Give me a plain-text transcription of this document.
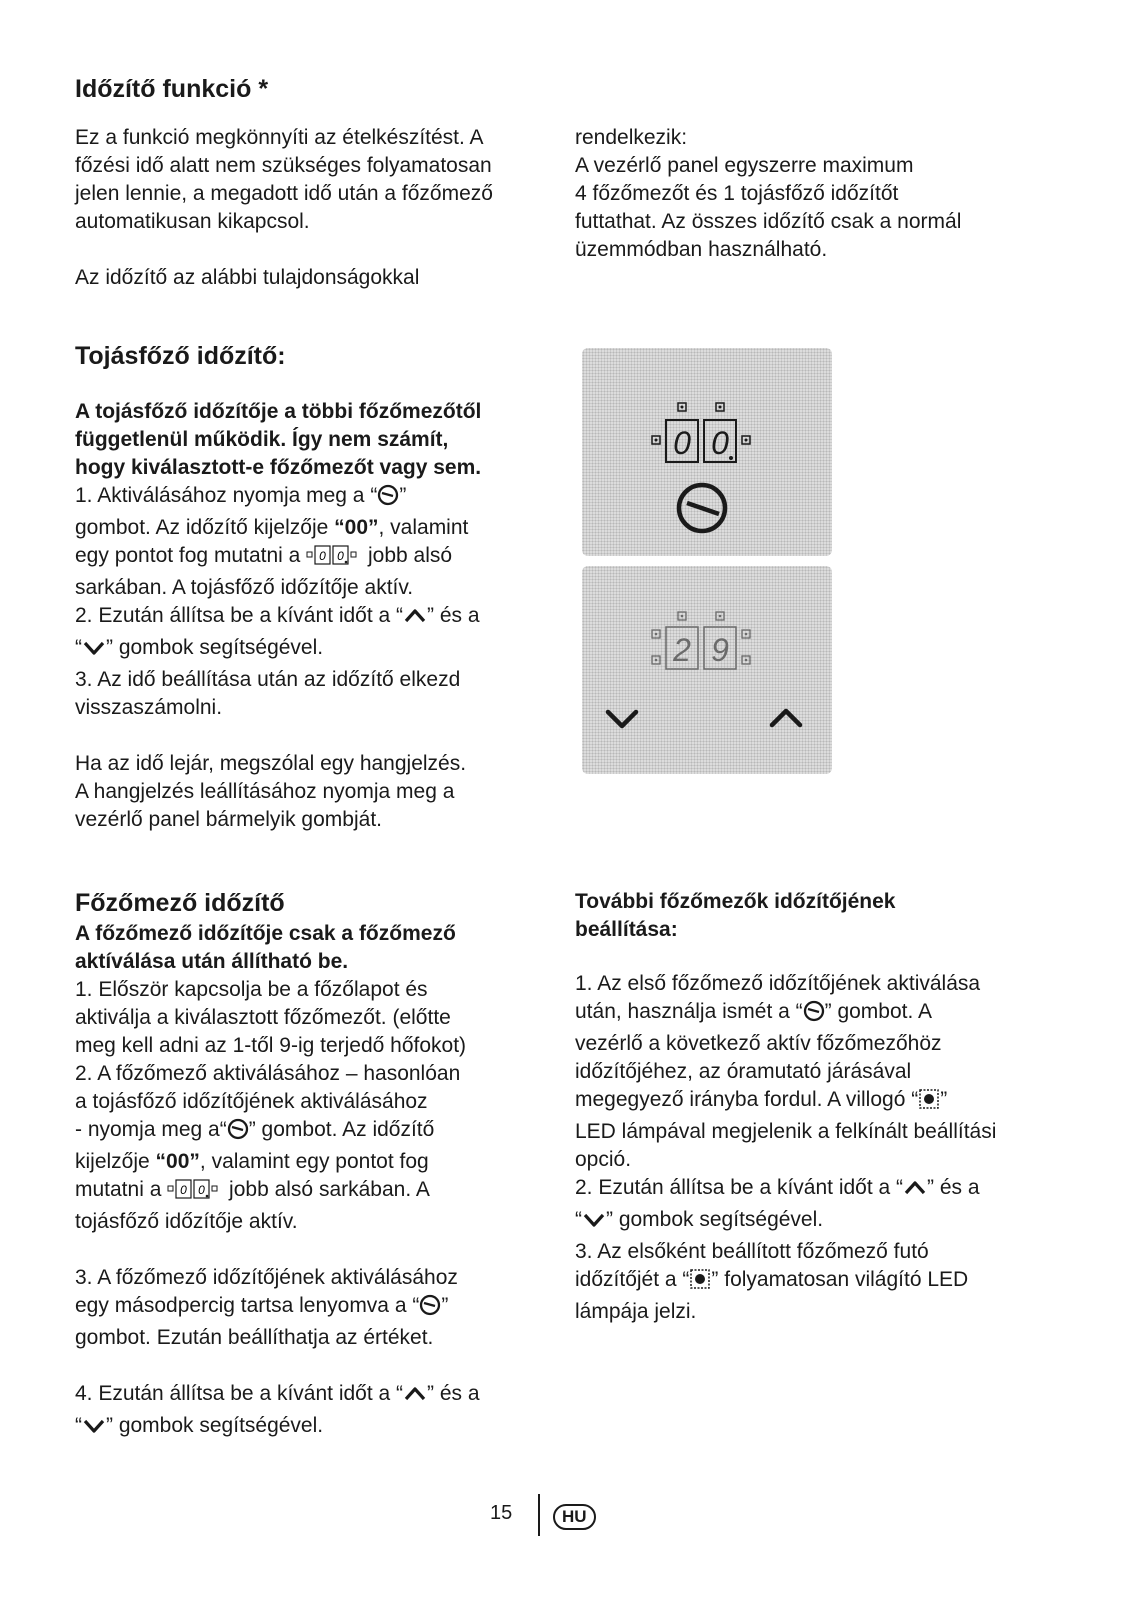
Időzítő funkció *

Ez a funkció megkönnyíti az ételkészítést. A

főzési idő alatt nem szükséges folyamatosan

jelen lennie, a megadott idő után a főzőmező

automatikusan kikapcsol.

Az időzítő az alábbi tulajdonságokkal

rendelkezik:

A vezérlő panel egyszerre maximum

4 főzőmezőt és 1 tojásfőző időzítőt

futtathat. Az összes időzítő csak a normál

üzemmódban használható.

Tojásfőző időzítő:

A tojásfőző időzítője a többi főzőmezőtől

függetlenül működik. Így nem számít,

hogy kiválasztott-e főzőmezőt vagy sem.

1. Aktiválásához nyomja meg a “ ”

gombot. Az időzítő kijelzője “00”, valamint

egy pontot fog mutatni a 0 0 jobb alsó

sarkában. A tojásfőző időzítője aktív.

2. Ezután állítsa be a kívánt időt a “ ” és a

“ ” gombok segítségével.

3. Az idő beállítása után az időzítő elkezd

visszaszámolni.

Ha az idő lejár, megszólal egy hangjelzés.

A hangjelzés leállításához nyomja meg a

vezérlő panel bármelyik gombját.

0 0
2 9
Főzőmező időzítő

A főzőmező időzítője csak a főzőmező

aktíválása után állítható be.

1. Először kapcsolja be a főzőlapot és

aktiválja a kiválasztott főzőmezőt. (előtte

meg kell adni az 1-től 9-ig terjedő hőfokot)

2. A főzőmező aktiválásához – hasonlóan

a tojásfőző időzítőjének aktiválásához

- nyomja meg a“ ” gombot. Az időzítő

kijelzője “00”, valamint egy pontot fog

mutatni a 0 0 jobb alsó sarkában. A

tojásfőző időzítője aktív.

3. A főzőmező időzítőjének aktiválásához

egy másodpercig tartsa lenyomva a “ ”

gombot. Ezután beállíthatja az értéket.

4. Ezután állítsa be a kívánt időt a “ ” és a

“ ” gombok segítségével.

További főzőmezők időzítőjének

beállítása:

1. Az első főzőmező időzítőjének aktiválása

után, használja ismét a “ ” gombot. A

vezérlő a következő aktív főzőmezőhöz

időzítőjéhez, az óramutató járásával

megegyező irányba fordul. A villogó “ ”

LED lámpával megjelenik a felkínált beállítási

opció.

2. Ezután állítsa be a kívánt időt a “ ” és a

“ ” gombok segítségével.

3. Az elsőként beállított főzőmező futó

időzítőjét a “ ” folyamatosan világító LED

lámpája jelzi.

15	HU
